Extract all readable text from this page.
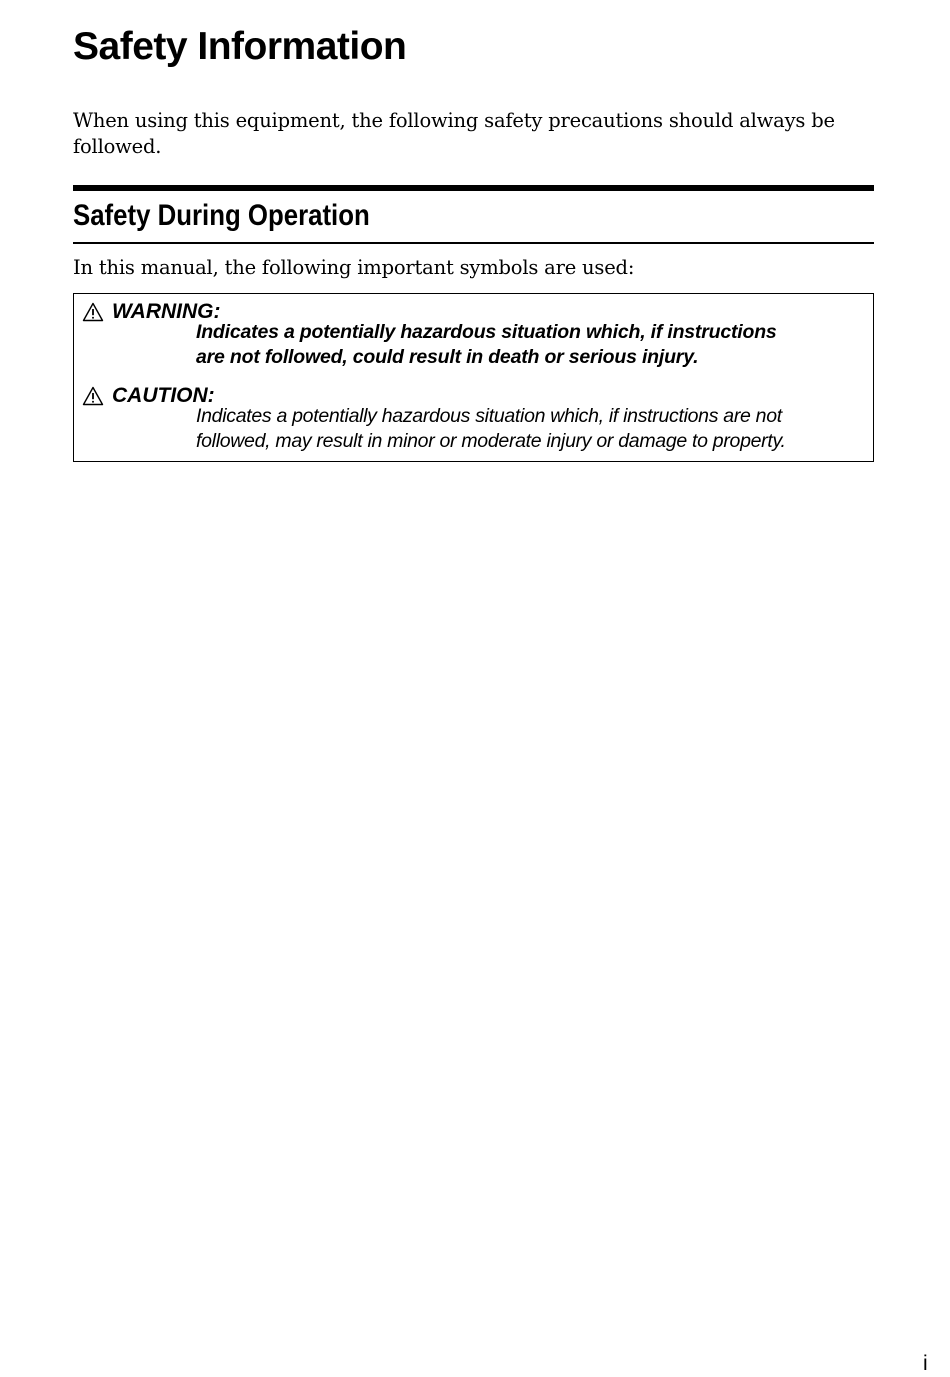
Safety Information

When using this equipment, the following safety precautions should always be followed.

Safety During Operation

In this manual, the following important symbols are used:

WARNING:
Indicates a potentially hazardous situation which, if instructions
are not followed, could result in death or serious injury.
CAUTION:
Indicates a potentially hazardous situation which, if instructions are not
followed, may result in minor or moderate injury or damage to property.

i
